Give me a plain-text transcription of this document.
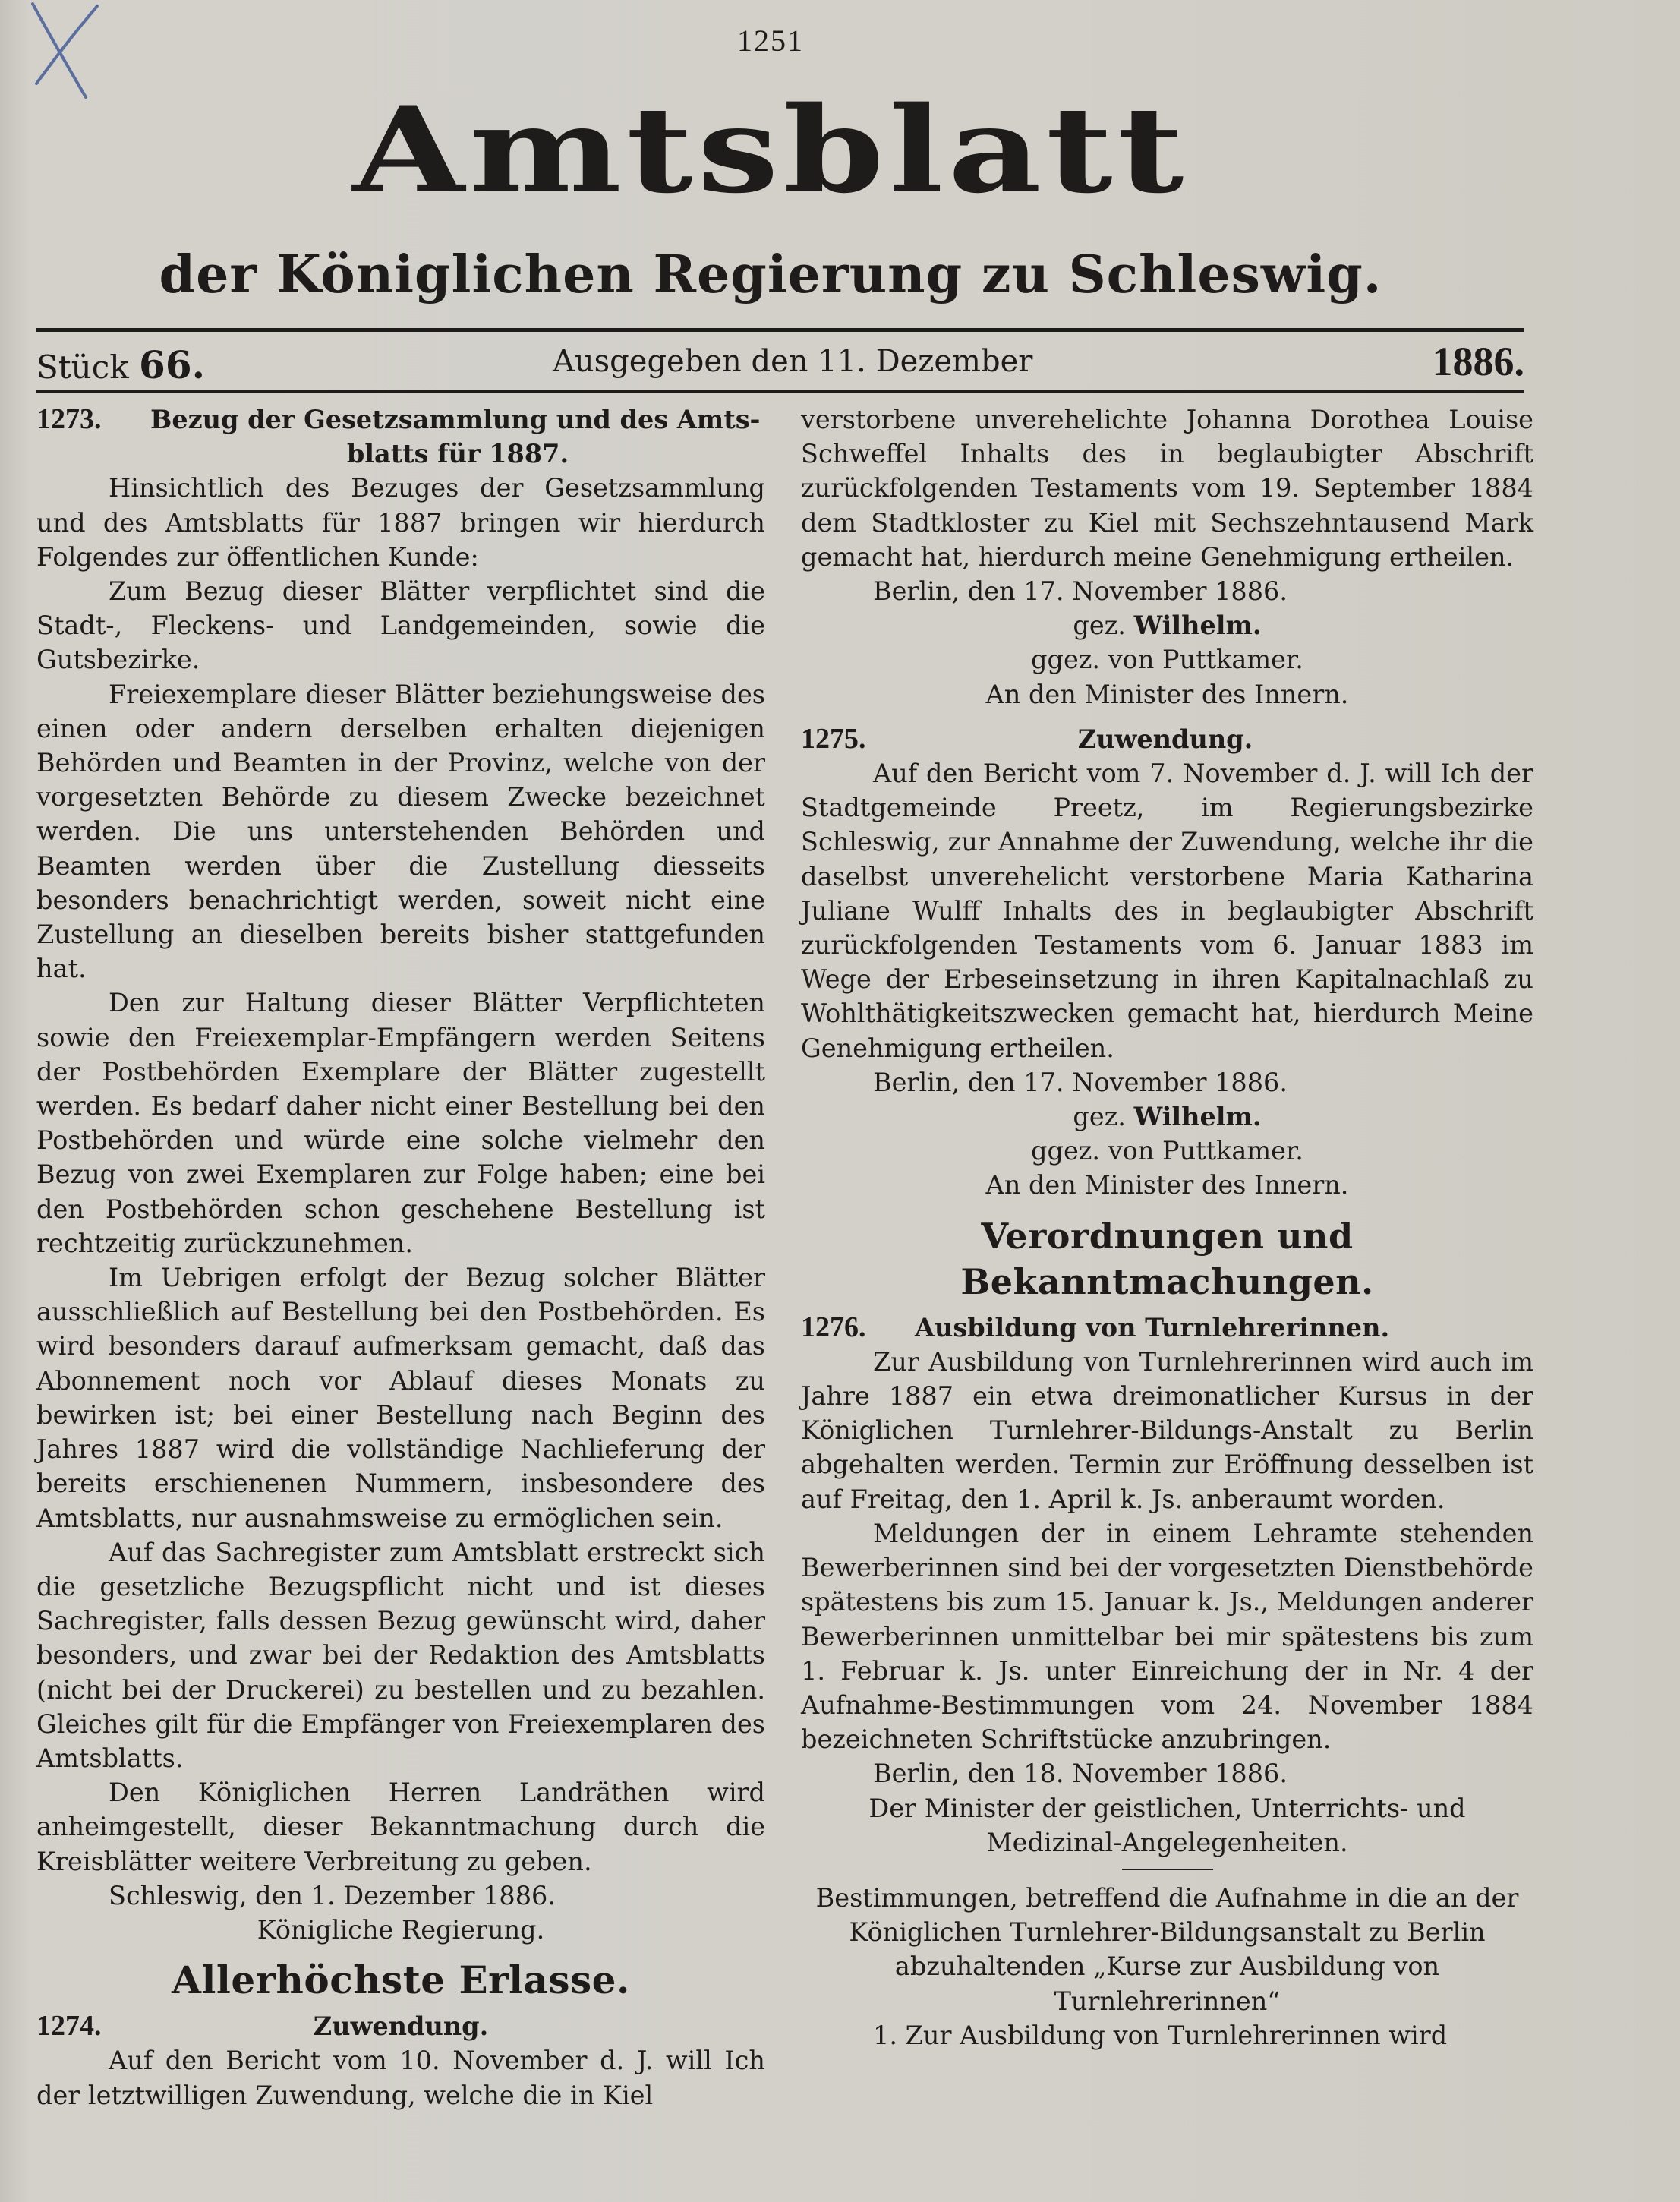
1251
Amtsblatt
der Königlichen Regierung zu Schleswig.
Stück 66.	Ausgegeben den 11. Dezember	1886.

1273. Bezug der Gesetzsammlung und des Amts-

blatts für 1887.

Hinsichtlich des Bezuges der Gesetzsammlung und des Amtsblatts für 1887 bringen wir hierdurch Folgendes zur öffentlichen Kunde:

Zum Bezug dieser Blätter verpflichtet sind die Stadt-, Fleckens- und Landgemeinden, sowie die Gutsbezirke.

Freiexemplare dieser Blätter beziehungsweise des einen oder andern derselben erhalten diejenigen Behörden und Beamten in der Provinz, welche von der vorgesetzten Behörde zu diesem Zwecke bezeichnet werden. Die uns unterstehenden Behörden und Beamten werden über die Zustellung diesseits besonders benachrichtigt werden, soweit nicht eine Zustellung an dieselben bereits bisher stattgefunden hat.

Den zur Haltung dieser Blätter Verpflichteten sowie den Freiexemplar-Empfängern werden Seitens der Postbehörden Exemplare der Blätter zugestellt werden. Es bedarf daher nicht einer Bestellung bei den Postbehörden und würde eine solche vielmehr den Bezug von zwei Exemplaren zur Folge haben; eine bei den Postbehörden schon geschehene Bestellung ist rechtzeitig zurückzunehmen.

Im Uebrigen erfolgt der Bezug solcher Blätter ausschließlich auf Bestellung bei den Postbehörden. Es wird besonders darauf aufmerksam gemacht, daß das Abonnement noch vor Ablauf dieses Monats zu bewirken ist; bei einer Bestellung nach Beginn des Jahres 1887 wird die vollständige Nachlieferung der bereits erschienenen Nummern, insbesondere des Amtsblatts, nur ausnahmsweise zu ermöglichen sein.

Auf das Sachregister zum Amtsblatt erstreckt sich die gesetzliche Bezugspflicht nicht und ist dieses Sachregister, falls dessen Bezug gewünscht wird, daher besonders, und zwar bei der Redaktion des Amtsblatts (nicht bei der Druckerei) zu bestellen und zu bezahlen. Gleiches gilt für die Empfänger von Freiexemplaren des Amtsblatts.

Den Königlichen Herren Landräthen wird anheimgestellt, dieser Bekanntmachung durch die Kreisblätter weitere Verbreitung zu geben.

Schleswig, den 1. Dezember 1886.

Königliche Regierung.

Allerhöchste Erlasse.

1274.	Zuwendung.

Auf den Bericht vom 10. November d. J. will Ich der letztwilligen Zuwendung, welche die in Kiel

verstorbene unverehelichte Johanna Dorothea Louise Schweffel Inhalts des in beglaubigter Abschrift zurückfolgenden Testaments vom 19. September 1884 dem Stadtkloster zu Kiel mit Sechszehntausend Mark gemacht hat, hierdurch meine Genehmigung ertheilen.

Berlin, den 17. November 1886.

gez. Wilhelm.

ggez. von Puttkamer.

An den Minister des Innern.

1275.	Zuwendung.

Auf den Bericht vom 7. November d. J. will Ich der Stadtgemeinde Preetz, im Regierungsbezirke Schleswig, zur Annahme der Zuwendung, welche ihr die daselbst unverehelicht verstorbene Maria Katharina Juliane Wulff Inhalts des in beglaubigter Abschrift zurückfolgenden Testaments vom 6. Januar 1883 im Wege der Erbeseinsetzung in ihren Kapitalnachlaß zu Wohlthätigkeitszwecken gemacht hat, hierdurch Meine Genehmigung ertheilen.

Berlin, den 17. November 1886.

gez. Wilhelm.

ggez. von Puttkamer.

An den Minister des Innern.

Verordnungen und Bekanntmachungen.

1276. Ausbildung von Turnlehrerinnen.

Zur Ausbildung von Turnlehrerinnen wird auch im Jahre 1887 ein etwa dreimonatlicher Kursus in der Königlichen Turnlehrer-Bildungs-Anstalt zu Berlin abgehalten werden. Termin zur Eröffnung desselben ist auf Freitag, den 1. April k. Js. anberaumt worden.

Meldungen der in einem Lehramte stehenden Bewerberinnen sind bei der vorgesetzten Dienstbehörde spätestens bis zum 15. Januar k. Js., Meldungen anderer Bewerberinnen unmittelbar bei mir spätestens bis zum 1. Februar k. Js. unter Einreichung der in Nr. 4 der Aufnahme-Bestimmungen vom 24. November 1884 bezeichneten Schriftstücke anzubringen.

Berlin, den 18. November 1886.

Der Minister der geistlichen, Unterrichts- und

Medizinal-Angelegenheiten.

Bestimmungen, betreffend die Aufnahme in die an der Königlichen Turnlehrer-Bildungsanstalt zu Berlin abzuhaltenden „Kurse zur Ausbildung von Turnlehrerinnen“

1. Zur Ausbildung von Turnlehrerinnen wird
